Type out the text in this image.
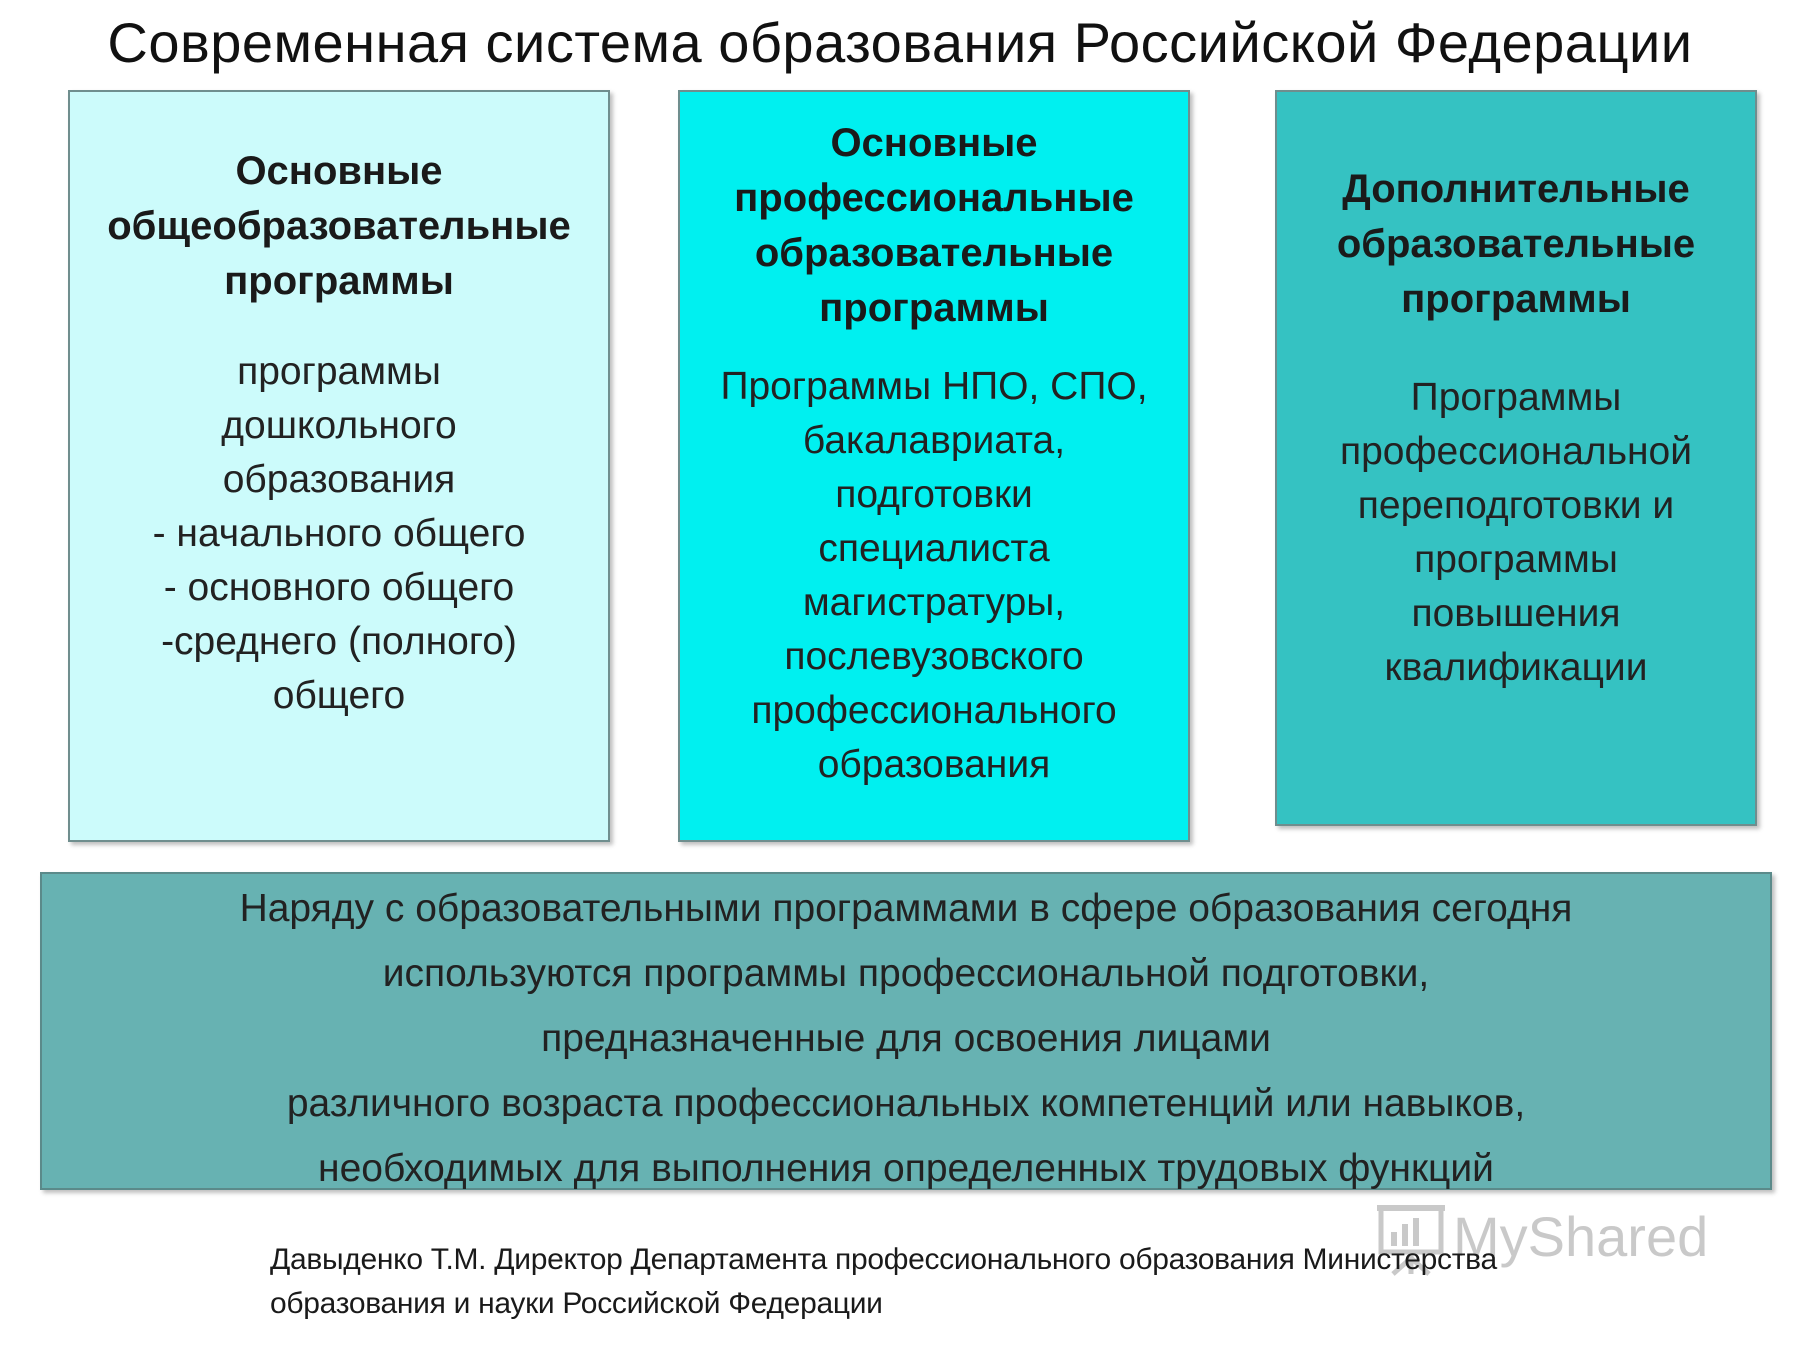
Современная система образования Российской Федерации
Основные
общеобразовательные
программы
программы
дошкольного
образования
- начального общего
- основного общего
-среднего (полного)
общего
Основные
профессиональные
образовательные
программы
Программы НПО, СПО,
бакалавриата,
подготовки
специалиста
магистратуры,
послевузовского
профессионального
образования
Дополнительные
образовательные
программы
Программы
профессиональной
переподготовки и
программы
повышения
квалификации
Наряду с образовательными программами в сфере образования сегодня
используются программы профессиональной подготовки,
предназначенные для освоения лицами
различного возраста профессиональных компетенций или навыков,
необходимых для выполнения определенных трудовых функций
MyShared
Давыденко Т.М. Директор Департамента профессионального образования Министерства
образования и науки Российской Федерации
